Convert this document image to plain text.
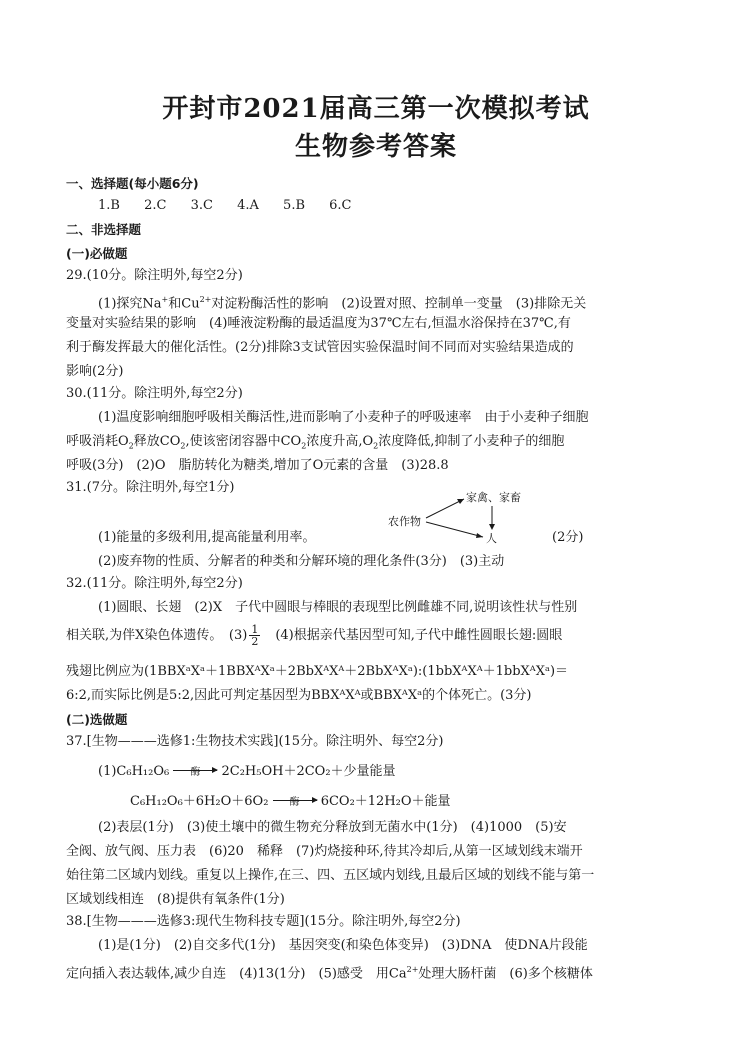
开封市2021届高三第一次模拟考试
生物参考答案
一、选择题(每小题6分)
1.B 2.C 3.C 4.A 5.B 6.C
二、非选择题
(一)必做题
29.(10分。除注明外,每空2分)
(1)探究Na+和$Cu^{2+}$对淀粉酶活性的影响　(2)设置对照、控制单一变量　(3)排除无关
变量对实验结果的影响　(4)唾液淀粉酶的最适温度为37℃左右,恒温水浴保持在37℃,有
利于酶发挥最大的催化活性。(2分)排除3支试管因实验保温时间不同而对实验结果造成的
影响(2分)
30.(11分。除注明外,每空2分)
(1)温度影响细胞呼吸相关酶活性,进而影响了小麦种子的呼吸速率　由于小麦种子细胞
呼吸消耗$O_2$释放$CO_2$,使该密闭容器中$CO_2$浓度升高$,O_2$浓度降低,抑制了小麦种子的细胞
呼吸(3分)　(2)O　脂肪转化为糖类,增加了O元素的含量　(3)28.8
31.(7分。除注明外,每空1分)
(1)能量的多级利用,提高能量利用率。
农作物
家禽、家畜
人	(2分)
(2)废弃物的性质、分解者的种类和分解环境的理化条件(3分)　(3)主动
32.(11分。除注明外,每空2分)
(1)圆眼、长翅　(2)X　子代中圆眼与棒眼的表现型比例雌雄不同,说明该性状与性别
相关联,为伴X染色体遗传。　$(3) \frac{1}{2}$ 　(4)根据亲代基因型可知,子代中雌性圆眼长翅:圆眼
残翅比例应为(1BBXᵃXᵃ＋1BBXᴬXᵃ＋2BbXᴬXᴬ＋2BbXᴬXᵃ):(1bbXᴬXᴬ＋1bbXᴬXᵃ)＝
6:2,而实际比例是5:2,因此可判定基因型为BBXᴬXᴬ或BBXᴬXᵃ的个体死亡。(3分)
(二)选做题
37.[生物———选修1:生物技术实践](15分。除注明外、每空2分)
(1)C₆H₁₂O₆	酶	2C₂H₅OH＋2CO₂＋少量能量
C₆H₁₂O₆＋6H₂O＋6O₂	酶	6CO₂＋12H₂O＋能量
(2)表层(1分)　(3)使土壤中的微生物充分释放到无菌水中(1分)　(4)1000　(5)安
全阀、放气阀、压力表　(6)20　稀释　(7)灼烧接种环,待其冷却后,从第一区域划线末端开
始往第二区域内划线。重复以上操作,在三、四、五区域内划线,且最后区域的划线不能与第一
区域划线相连　(8)提供有氧条件(1分)
38.[生物———选修3:现代生物科技专题](15分。除注明外,每空2分)
(1)是(1分)　(2)自交多代(1分)　基因突变(和染色体变异)　(3)DNA　使DNA片段能
定向插入表达载体,减少自连　(4)13(1分)　(5)感受　用$Ca^{2+}$处理大肠杆菌　(6)多个核糖体
